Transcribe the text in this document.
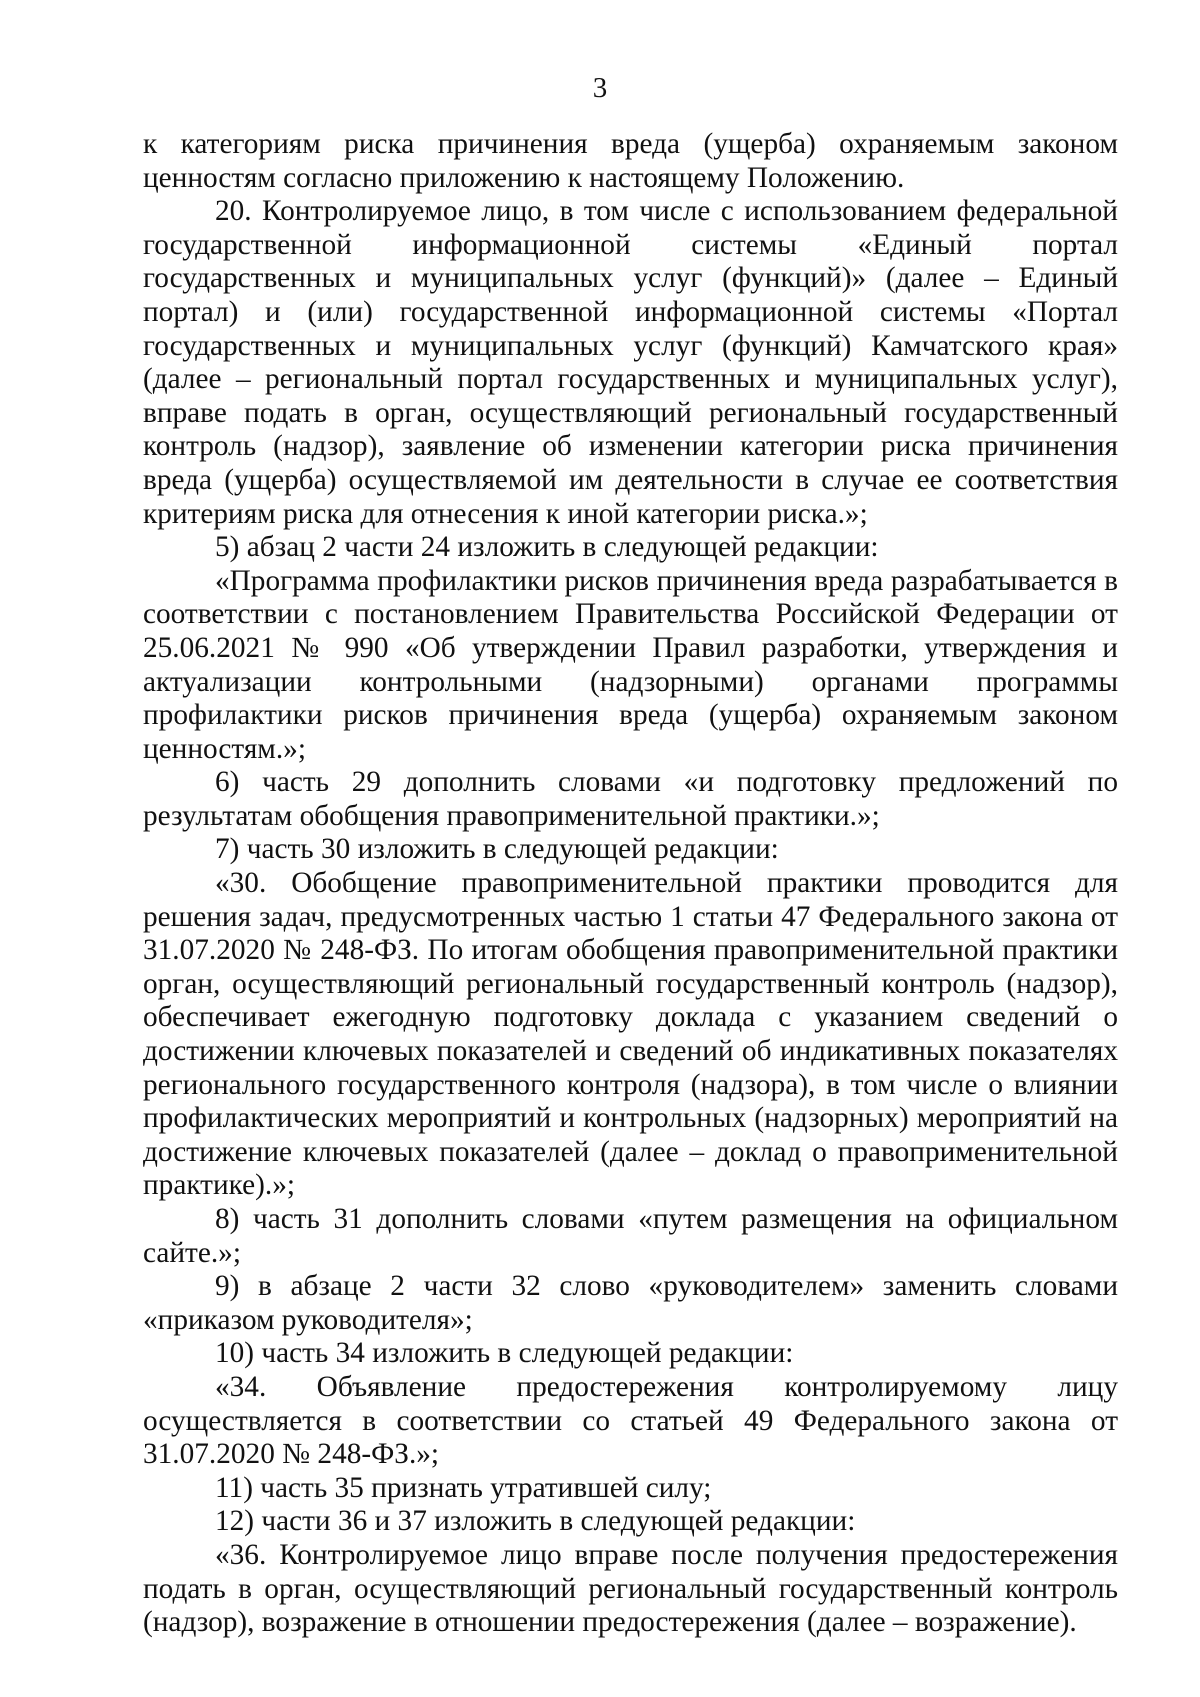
3

к категориям риска причинения вреда (ущерба) охраняемым законом ценностям согласно приложению к настоящему Положению.

20. Контролируемое лицо, в том числе с использованием федеральной государственной информационной системы «Единый портал государственных и муниципальных услуг (функций)» (далее – Единый портал) и (или) государственной информационной системы «Портал государственных и муниципальных услуг (функций) Камчатского края» (далее – региональный портал государственных и муниципальных услуг), вправе подать в орган, осуществляющий региональный государственный контроль (надзор), заявление об изменении категории риска причинения вреда (ущерба) осуществляемой им деятельности в случае ее соответствия критериям риска для отнесения к иной категории риска.»;

5) абзац 2 части 24 изложить в следующей редакции:

«Программа профилактики рисков причинения вреда разрабатывается в соответствии с постановлением Правительства Российской Федерации от 25.06.2021 № 990 «Об утверждении Правил разработки, утверждения и актуализации контрольными (надзорными) органами программы профилактики рисков причинения вреда (ущерба) охраняемым законом ценностям.»;

6) часть 29 дополнить словами «и подготовку предложений по результатам обобщения правоприменительной практики.»;

7) часть 30 изложить в следующей редакции:

«30. Обобщение правоприменительной практики проводится для решения задач, предусмотренных частью 1 статьи 47 Федерального закона от 31.07.2020 № 248-ФЗ. По итогам обобщения правоприменительной практики орган, осуществляющий региональный государственный контроль (надзор), обеспечивает ежегодную подготовку доклада с указанием сведений о достижении ключевых показателей и сведений об индикативных показателях регионального государственного контроля (надзора), в том числе о влиянии профилактических мероприятий и контрольных (надзорных) мероприятий на достижение ключевых показателей (далее – доклад о правоприменительной практике).»;

8) часть 31 дополнить словами «путем размещения на официальном сайте.»;

9) в абзаце 2 части 32 слово «руководителем» заменить словами «приказом руководителя»;

10) часть 34 изложить в следующей редакции:

«34. Объявление предостережения контролируемому лицу осуществляется в соответствии со статьей 49 Федерального закона от 31.07.2020 № 248-ФЗ.»;

11) часть 35 признать утратившей силу;

12) части 36 и 37 изложить в следующей редакции:

«36. Контролируемое лицо вправе после получения предостережения подать в орган, осуществляющий региональный государственный контроль (надзор), возражение в отношении предостережения (далее – возражение).
